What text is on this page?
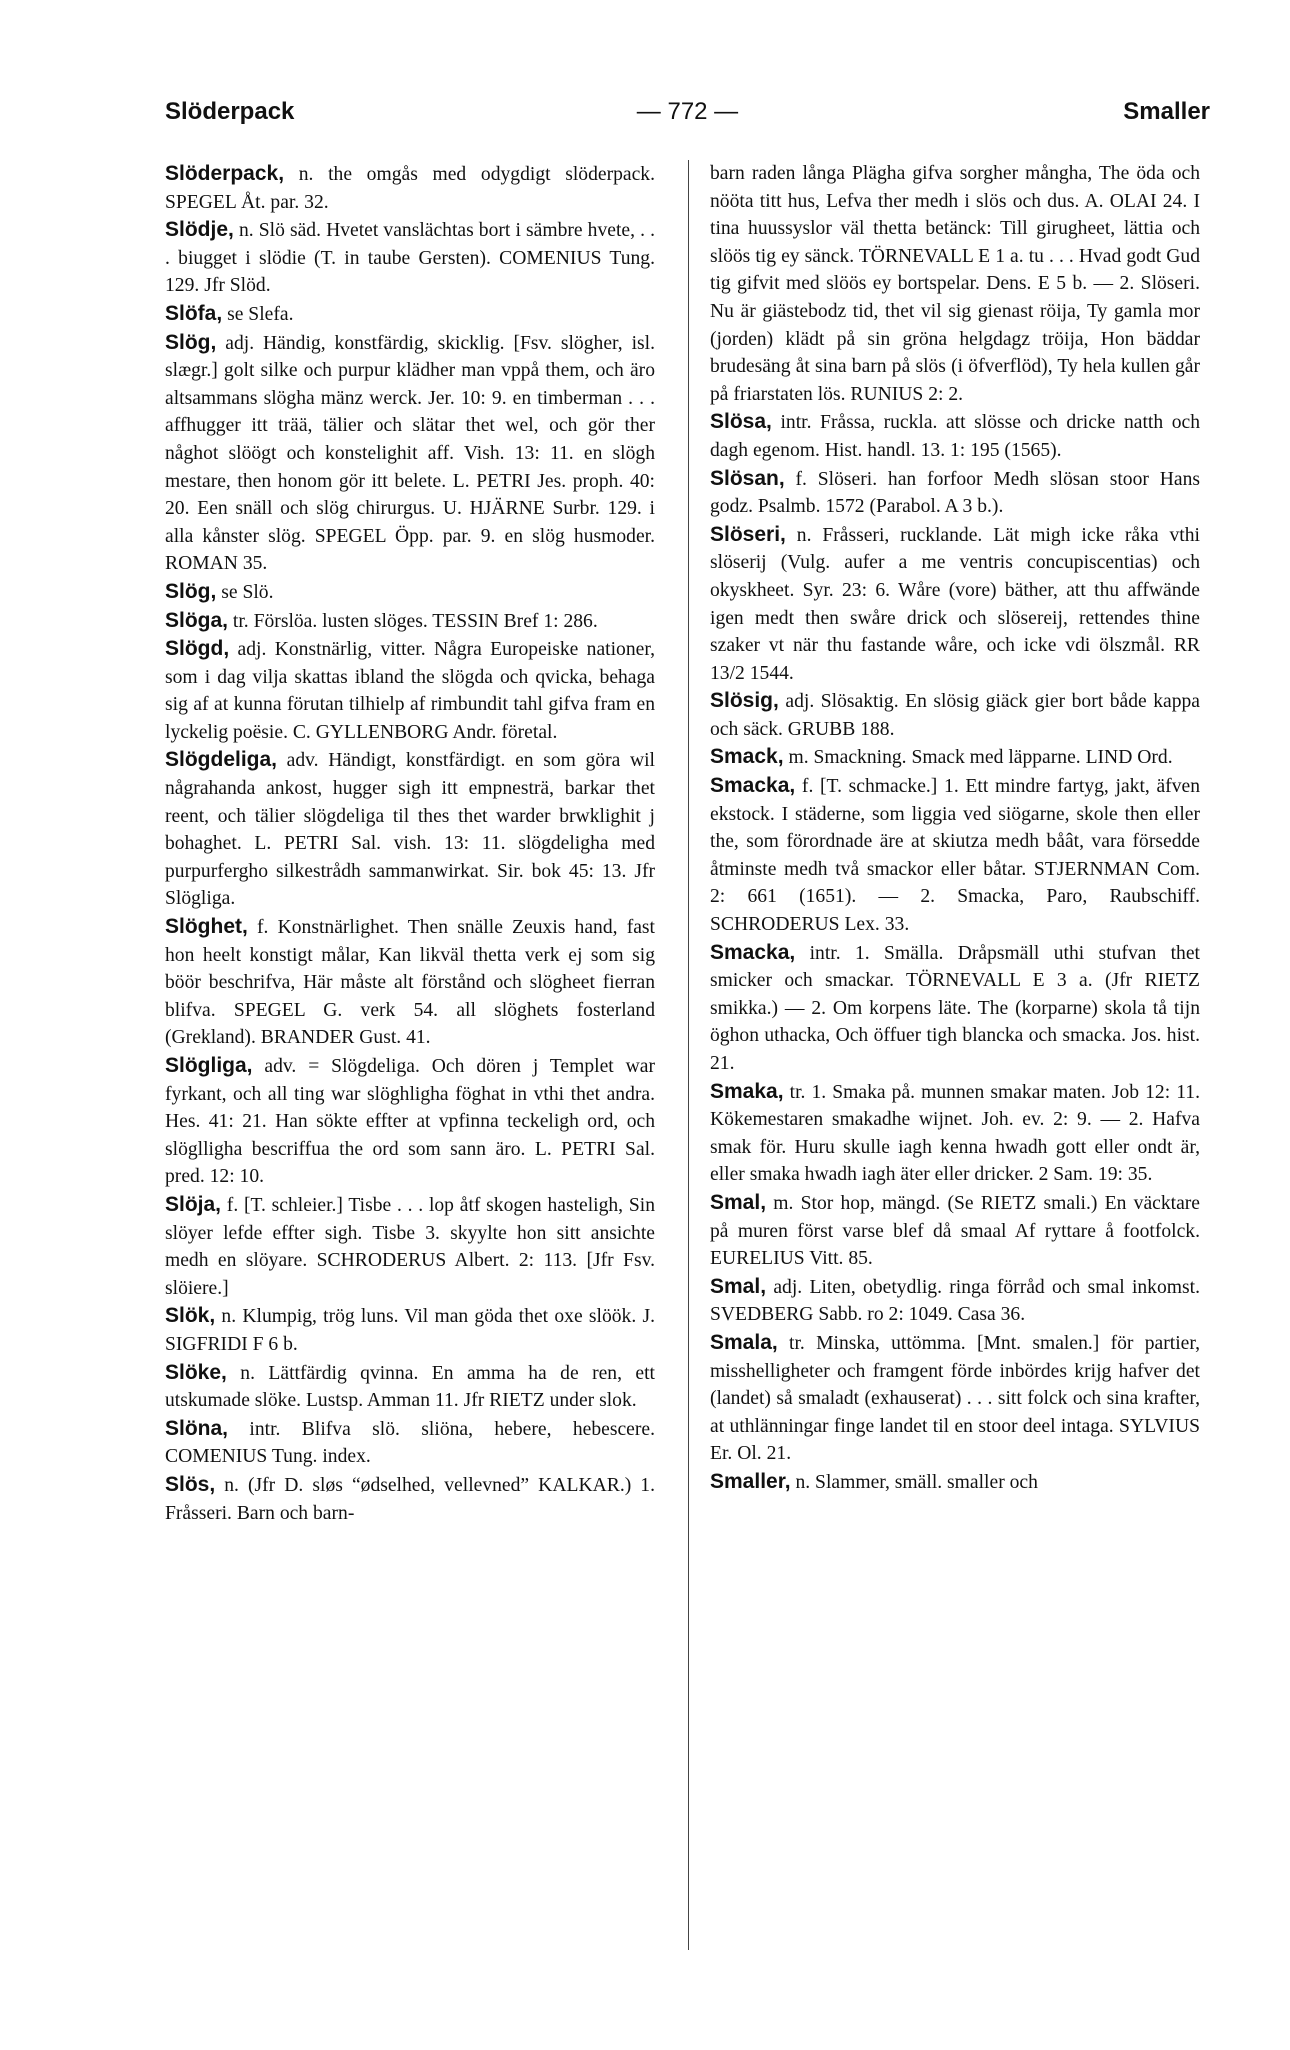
Slöderpack	— 772 —	Smaller

Slöderpack, n. the omgås med odygdigt slöderpack. SPEGEL Åt. par. 32.

Slödje, n. Slö säd. Hvetet vanslächtas bort i sämbre hvete, . . . biugget i slödie (T. in taube Gersten). COMENIUS Tung. 129. Jfr Slöd.

Slöfa, se Slefa.

Slög, adj. Händig, konstfärdig, skicklig. [Fsv. slögher, isl. slægr.] golt silke och purpur klädher man vppå them, och äro altsammans slögha mänz werck. Jer. 10: 9. en timberman . . . affhugger itt trää, tälier och slätar thet wel, och gör ther någhot slöögt och konstelighit aff. Vish. 13: 11. en slögh mestare, then honom gör itt belete. L. PETRI Jes. proph. 40: 20. Een snäll och slög chirurgus. U. HJÄRNE Surbr. 129. i alla kånster slög. SPEGEL Öpp. par. 9. en slög husmoder. ROMAN 35.

Slög, se Slö.

Slöga, tr. Förslöa. lusten slöges. TESSIN Bref 1: 286.

Slögd, adj. Konstnärlig, vitter. Några Europeiske nationer, som i dag vilja skattas ibland the slögda och qvicka, behaga sig af at kunna förutan tilhielp af rimbundit tahl gifva fram en lyckelig poësie. C. GYLLENBORG Andr. företal.

Slögdeliga, adv. Händigt, konstfärdigt. en som göra wil någrahanda ankost, hugger sigh itt empnesträ, barkar thet reent, och tälier slögdeliga til thes thet warder brwklighit j bohaghet. L. PETRI Sal. vish. 13: 11. slögdeligha med purpurfergho silkestrådh sammanwirkat. Sir. bok 45: 13. Jfr Slögliga.

Slöghet, f. Konstnärlighet. Then snälle Zeuxis hand, fast hon heelt konstigt målar, Kan likväl thetta verk ej som sig böör beschrifva, Här måste alt förstånd och slögheet fierran blifva. SPEGEL G. verk 54. all slöghets fosterland (Grekland). BRANDER Gust. 41.

Slögliga, adv. = Slögdeliga. Och dören j Templet war fyrkant, och all ting war slöghligha föghat in vthi thet andra. Hes. 41: 21. Han sökte effter at vpfinna teckeligh ord, och slöglligha bescriffua the ord som sann äro. L. PETRI Sal. pred. 12: 10.

Slöja, f. [T. schleier.] Tisbe . . . lop åtf skogen hasteligh, Sin slöyer lefde effter sigh. Tisbe 3. skyylte hon sitt ansichte medh en slöyare. SCHRODERUS Albert. 2: 113. [Jfr Fsv. slöiere.]

Slök, n. Klumpig, trög luns. Vil man göda thet oxe slöök. J. SIGFRIDI F 6 b.

Slöke, n. Lättfärdig qvinna. En amma ha de ren, ett utskumade slöke. Lustsp. Amman 11. Jfr RIETZ under slok.

Slöna, intr. Blifva slö. sliöna, hebere, hebescere. COMENIUS Tung. index.

Slös, n. (Jfr D. sløs “ødselhed, vellevned” KALKAR.) 1. Fråsseri. Barn och barn-

barn raden långa Plägha gifva sorgher mångha, The öda och nööta titt hus, Lefva ther medh i slös och dus. A. OLAI 24. I tina huussyslor väl thetta betänck: Till girugheet, lättia och slöös tig ey sänck. TÖRNEVALL E 1 a. tu . . . Hvad godt Gud tig gifvit med slöös ey bortspelar. Dens. E 5 b. — 2. Slöseri. Nu är giästebodz tid, thet vil sig gienast röija, Ty gamla mor (jorden) klädt på sin gröna helgdagz tröija, Hon bäddar brudesäng åt sina barn på slös (i öfverflöd), Ty hela kullen går på friarstaten lös. RUNIUS 2: 2.

Slösa, intr. Fråssa, ruckla. att slösse och dricke natth och dagh egenom. Hist. handl. 13. 1: 195 (1565).

Slösan, f. Slöseri. han forfoor Medh slösan stoor Hans godz. Psalmb. 1572 (Parabol. A 3 b.).

Slöseri, n. Fråsseri, rucklande. Lät migh icke råka vthi slöserij (Vulg. aufer a me ventris concupiscentias) och okyskheet. Syr. 23: 6. Wåre (vore) bäther, att thu affwände igen medt then swåre drick och slösereij, rettendes thine szaker vt när thu fastande wåre, och icke vdi ölszmål. RR 13/2 1544.

Slösig, adj. Slösaktig. En slösig giäck gier bort både kappa och säck. GRUBB 188.

Smack, m. Smackning. Smack med läpparne. LIND Ord.

Smacka, f. [T. schmacke.] 1. Ett mindre fartyg, jakt, äfven ekstock. I städerne, som liggia ved siögarne, skole then eller the, som förordnade äre at skiutza medh båât, vara försedde åtminste medh två smackor eller båtar. STJERNMAN Com. 2: 661 (1651). — 2. Smacka, Paro, Raubschiff. SCHRODERUS Lex. 33.

Smacka, intr. 1. Smälla. Dråpsmäll uthi stufvan thet smicker och smackar. TÖRNEVALL E 3 a. (Jfr RIETZ smikka.) — 2. Om korpens läte. The (korparne) skola tå tijn öghon uthacka, Och öffuer tigh blancka och smacka. Jos. hist. 21.

Smaka, tr. 1. Smaka på. munnen smakar maten. Job 12: 11. Kökemestaren smakadhe wijnet. Joh. ev. 2: 9. — 2. Hafva smak för. Huru skulle iagh kenna hwadh gott eller ondt är, eller smaka hwadh iagh äter eller dricker. 2 Sam. 19: 35.

Smal, m. Stor hop, mängd. (Se RIETZ smali.) En väcktare på muren först varse blef då smaal Af ryttare å footfolck. EURELIUS Vitt. 85.

Smal, adj. Liten, obetydlig. ringa förråd och smal inkomst. SVEDBERG Sabb. ro 2: 1049. Casa 36.

Smala, tr. Minska, uttömma. [Mnt. smalen.] för partier, misshelligheter och framgent förde inbördes krijg hafver det (landet) så smaladt (exhauserat) . . . sitt folck och sina krafter, at uthlänningar finge landet til en stoor deel intaga. SYLVIUS Er. Ol. 21.

Smaller, n. Slammer, smäll. smaller och
